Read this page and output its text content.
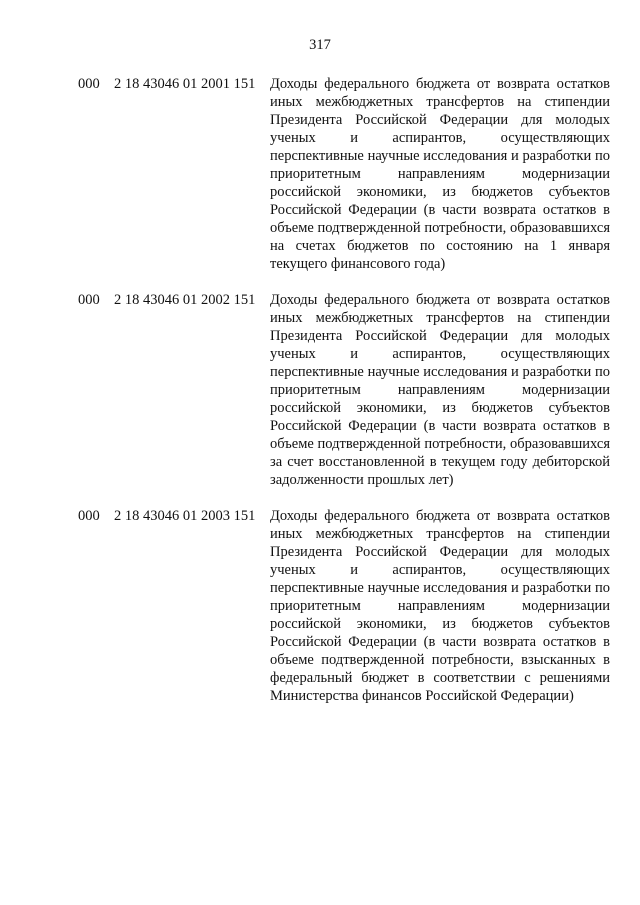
317
000 2 18 43046 01 2001 151	Доходы федерального бюджета от возврата остатков иных межбюджетных трансфертов на стипендии Президента Российской Федерации для молодых ученых и аспирантов, осуществляющих перспективные научные исследования и разработки по приоритетным направлениям модернизации российской экономики, из бюджетов субъектов Российской Федерации (в части возврата остатков в объеме подтвержденной потребности, образовавшихся на счетах бюджетов по состоянию на 1 января текущего финансового года)
000 2 18 43046 01 2002 151	Доходы федерального бюджета от возврата остатков иных межбюджетных трансфертов на стипендии Президента Российской Федерации для молодых ученых и аспирантов, осуществляющих перспективные научные исследования и разработки по приоритетным направлениям модернизации российской экономики, из бюджетов субъектов Российской Федерации (в части возврата остатков в объеме подтвержденной потребности, образовавшихся за счет восстановленной в текущем году дебиторской задолженности прошлых лет)
000 2 18 43046 01 2003 151	Доходы федерального бюджета от возврата остатков иных межбюджетных трансфертов на стипендии Президента Российской Федерации для молодых ученых и аспирантов, осуществляющих перспективные научные исследования и разработки по приоритетным направлениям модернизации российской экономики, из бюджетов субъектов Российской Федерации (в части возврата остатков в объеме подтвержденной потребности, взысканных в федеральный бюджет в соответствии с решениями Министерства финансов Российской Федерации)
